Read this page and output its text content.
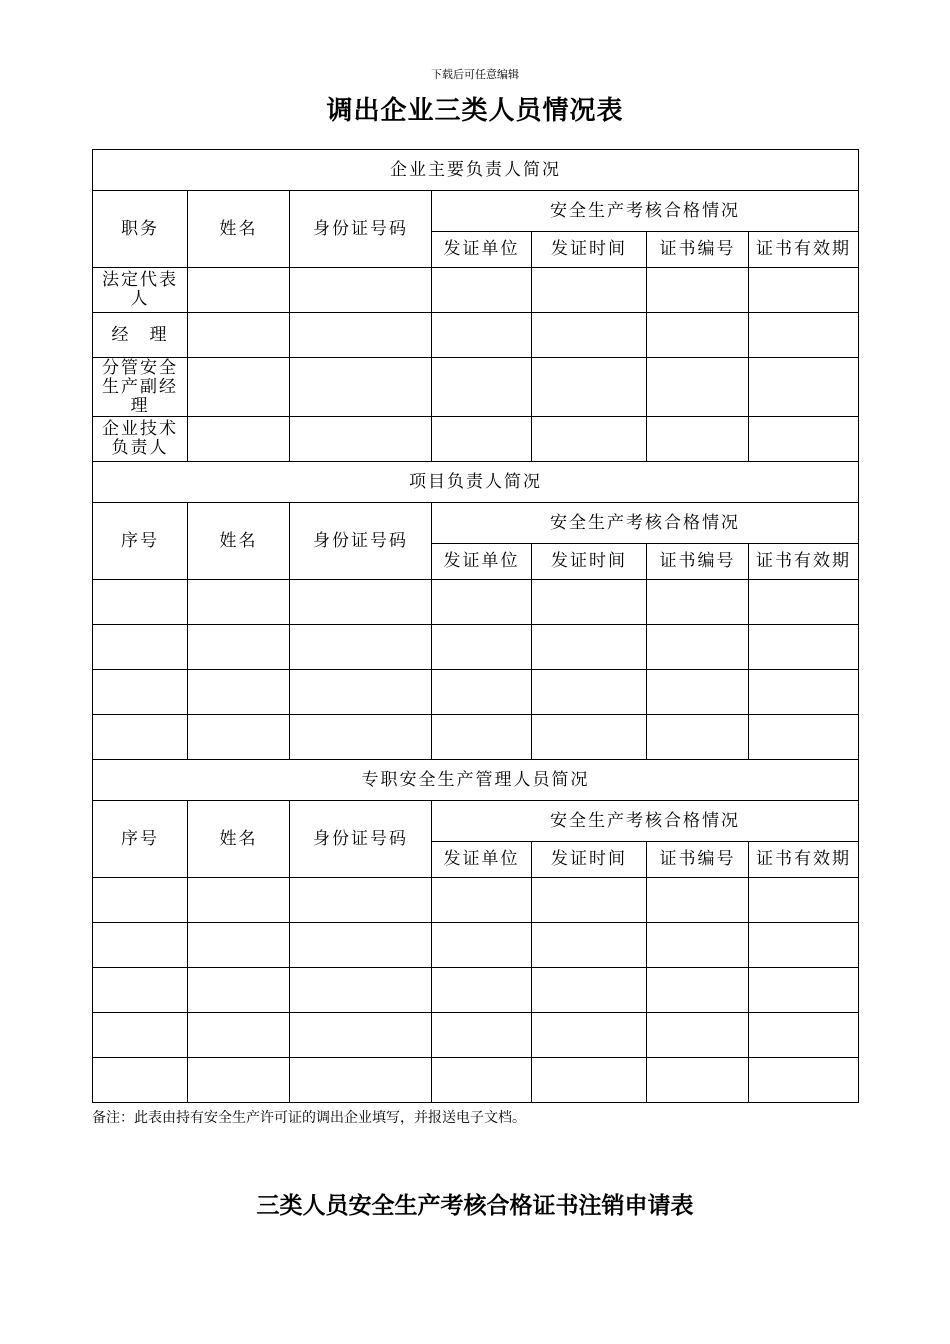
下载后可任意编辑
调出企业三类人员情况表
企业主要负责人简况						
职务	姓名	身份证号码	安全生产考核合格情况			
			发证单位	发证时间	证书编号	证书有效期
法定代表人						
经　理						
分管安全生产副经理						
企业技术负责人						
项目负责人简况						
序号	姓名	身份证号码	安全生产考核合格情况			
			发证单位	发证时间	证书编号	证书有效期

专职安全生产管理人员简况						
序号	姓名	身份证号码	安全生产考核合格情况			
			发证单位	发证时间	证书编号	证书有效期

备注：此表由持有安全生产许可证的调出企业填写，并报送电子文档。
三类人员安全生产考核合格证书注销申请表
